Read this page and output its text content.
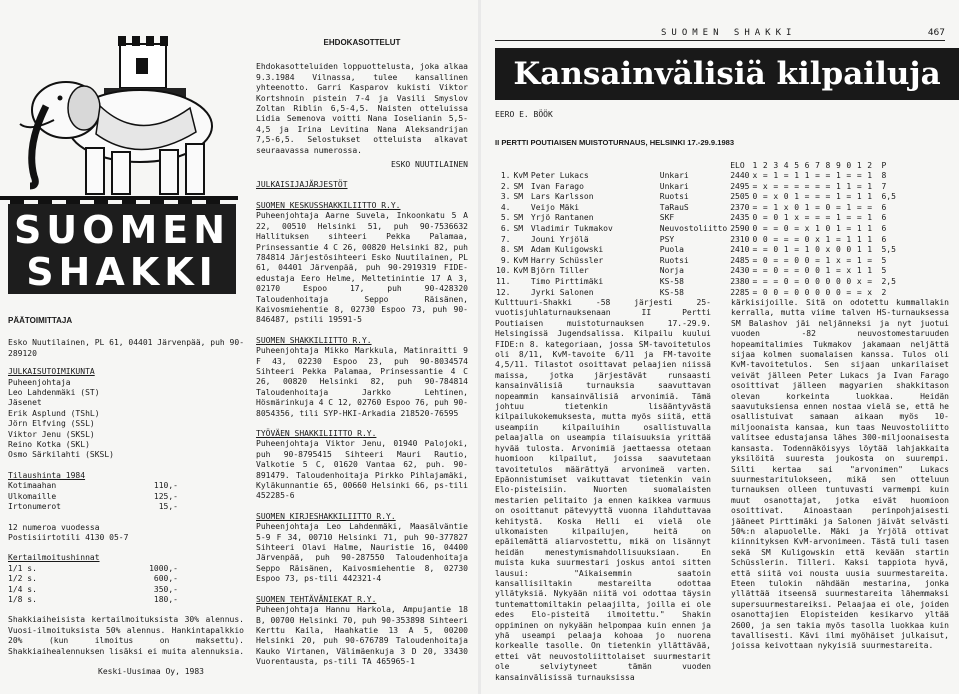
SUOMEN
SHAKKI
PÄÄTOIMITTAJA
Esko Nuutilainen, PL 61, 04401 Järvenpää, puh 90-289120
JULKAISUTOIMIKUNTA
Puheenjohtaja
Leo Lahdenmäki (ST)
Jäsenet
Erik Asplund (TShL)
Jörn Elfving (SSL)
Viktor Jenu (SKSL)
Reino Kotka (SKL)
Osmo Särkilahti (SKSL)
Tilaushinta 1984
Kotimaahan	110,-
Ulkomaille	125,-
Irtonumerot	15,-
12 numeroa vuodessa
Postisiirtotili 4130 05-7
Kertailmoitushinnat
1/1 s.	1000,-
1/2 s.	600,-
1/4 s.	350,-
1/8 s.	180,-
Shakkiaiheisista kertailmoituksista 30% alennus. Vuosi-ilmoituksista 50% alennus. Hankintapalkkio 20% (kun ilmoitus on maksettu). Shakkiaihealennuksen lisäksi ei muita alennuksia.
Keski-Uusimaa Oy, 1983
EHDOKASOTTELUT
Ehdokasotteluiden loppuottelusta, joka alkaa 9.3.1984 Vilnassa, tulee kansallinen yhteenotto. Garri Kasparov kukisti Viktor Kortshnoin pistein 7-4 ja Vasili Smyslov Zoltan Riblin 6,5-4,5. Naisten otteluissa Lidia Semenova voitti Nana Ioselianin 5,5-4,5 ja Irina Levitina Nana Aleksandrijan 7,5-6,5. Selostukset otteluista alkavat seuraavassa numerossa.
ESKO NUUTILAINEN
JULKAISIJAJÄRJESTÖT
SUOMEN KESKUSSHAKKILIITTO R.Y.
Puheenjohtaja Aarne Suvela, Inkoonkatu 5 A 22, 00510 Helsinki 51, puh 90-7536632 Hallituksen sihteeri Pekka Palamaa, Prinsessantie 4 C 26, 00820 Helsinki 82, puh 784814 Järjestösihteeri Esko Nuutilainen, PL 61, 04401 Järvenpää, puh 90-2919319 FIDE-edustaja Eero Helme, Meltetinintie 17 A 3, 02170 Espoo 17, puh 90-428320 Taloudenhoitaja Seppo Räisänen, Kaivosmiehentie 8, 02730 Espoo 73, puh 90-846487, pstili 19591-5
SUOMEN SHAKKILIITTO R.Y.
Puheenjohtaja Mikko Markkula, Matinraitti 9 F 43, 02230 Espoo 23, puh 90-8034574 Sihteeri Pekka Palamaa, Prinsessantie 4 C 26, 00820 Helsinki 82, puh 90-784814 Taloudenhoitaja Jarkko Lehtinen, Hösmärinkuja 4 C 12, 02760 Espoo 76, puh 90-8054356, tili SYP-HKI-Arkadia 218520-76595
TYÖVÄEN SHAKKILIITTO R.Y.
Puheenjohtaja Viktor Jenu, 01940 Palojoki, puh 90-8795415 Sihteeri Mauri Rautio, Valkotie 5 C, 01620 Vantaa 62, puh. 90-891479. Taloudenhoitaja Pirkko Pihlajamäki, Kyläkunnantie 65, 00660 Helsinki 66, ps-tili 452285-6
SUOMEN KIRJESHAKKILIITTO R.Y.
Puheenjohtaja Leo Lahdenmäki, Maasälväntie 5-9 F 34, 00710 Helsinki 71, puh 90-377827 Sihteeri Olavi Halme, Nauristie 16, 04400 Järvenpää, puh 90-287550 Taloudenhoitaja Seppo Räisänen, Kaivosmiehentie 8, 02730 Espoo 73, ps-tili 442321-4
SUOMEN TEHTÄVÄNIEKAT R.Y.
Puheenjohtaja Hannu Harkola, Ampujantie 18 B, 00700 Helsinki 70, puh 90-353898 Sihteeri Kerttu Kaila, Haahkatie 13 A 5, 00200 Helsinki 20, puh 90-676789 Taloudenhoitaja Kauko Virtanen, Välimäenkuja 3 D 20, 33430 Vuorentausta, ps-tili TA 465965-1
SUOMEN SHAKKI	467
Kansainvälisiä kilpailuja
EERO E. BÖÖK
II PERTTI POUTIAISEN MUISTOTURNAUS, HELSINKI 17.-29.9.1983
				ELO	1 2 3 4 5 6 7 8 9 0 1 2	P
1.	KvM	Peter Lukacs	Unkari	2440	x = 1 = 1 1 = = 1 = = 1	8
2.	SM	Ivan Farago	Unkari	2495	= x = = = = = = 1 1 = 1	7
3.	SM	Lars Karlsson	Ruotsi	2505	0 = x 0 1 = = = 1 = 1 1	6,5
4.		Veijo Mäki	TaRauS	2370	= = 1 x 0 1 = 0 = 1 = =	6
5.	SM	Yrjö Rantanen	SKF	2435	0 = 0 1 x = = = 1 = = 1	6
6.	SM	Vladimir Tukmakov	Neuvostoliitto	2590	0 = = 0 = x 1 0 1 = 1 1	6
7.		Jouni Yrjölä	PSY	2310	0 0 = = = 0 x 1 = 1 1 1	6
8.	SM	Adam Kuligowski	Puola	2410	= = 0 1 = 1 0 x 0 0 1 1	5,5
9.	KvM	Harry Schüssler	Ruotsi	2485	= 0 = = 0 0 = 1 x = 1 =	5
10.	KvM	Björn Tiller	Norja	2430	= = 0 = = 0 0 1 = x 1 1	5
11.		Timo Pirttimäki	KS-58	2380	= = = 0 = 0 0 0 0 0 x =	2,5
12.		Jyrki Salonen	KS-58	2285	= 0 0 = 0 0 0 0 0 = = x	2
Kulttuuri-Shakki -58 järjesti 25-vuotisjuhlaturnauksenaan II Pertti Poutiaisen muistoturnauksen 17.-29.9. Helsingissä Jugendsalissa. Kilpailu kuului FIDE:n 8. kategoriaan, jossa SM-tavoitetulos oli 8/11, KvM-tavoite 6/11 ja FM-tavoite 4,5/11. Tilastot osoittavat pelaajien niissä maissa, jotka järjestävät runsaasti kansainvälisiä turnauksia saavuttavan nopeammin kansainvälisiä arvonimiä. Tämä johtuu tietenkin lisääntyvästä kilpailukokemuksesta, mutta myös siitä, että useampiin kilpailuihin osallistuvalla pelaajalla on useampia tilaisuuksia yrittää hyvää tulosta. Arvonimiä jaettaessa otetaan huomioon kilpailut, joissa saavutetaan tavoitetulos määrättyä arvonimeä varten. Epäonnistumiset vaikuttavat tietenkin vain Elo-pisteisiin. Nuorten suomalaisten mestarien pelitaito ja ennen kaikkea varmuus on osoittanut pätevyyttä vuonna ilahduttavaa kehitystä. Koska Helli ei vielä ole ulkomaisten kilpailujen, heitä on epäilemättä aliarvostettu, mikä on lisännyt heidän menestymismahdollisuuksiaan. En muista kuka suurmestari joskus antoi sitten lausui: "Aikaisemmin saatoin kansallisiltakin mestareilta odottaa yllätyksiä. Nykyään niitä voi odottaa täysin tuntemattomiltakin pelaajilta, joilla ei ole edes Elo-pisteitä ilmoitettu." Shakin oppiminen on nykyään helpompaa kuin ennen ja yhä useampi pelaaja kohoaa jo nuorena korkealle tasolle. On tietenkin yllättävää, ettei vät neuvostoliittolaiset suurmestarit ole selviytyneet tämän vuoden kansainvälisissä turnauksissa
kärkisijoille. Sitä on odotettu kummallakin kerralla, mutta viime talven HS-turnauksessa SM Balashov jäi neljänneksi ja nyt juotui vuoden -82 neuvostomestaruuden hopeamitalimies Tukmakov jakamaan neljättä sijaa kolmen suomalaisen kanssa. Tulos oli KvM-tavoitetulos. Sen sijaan unkarilaiset veivät jälleen Peter Lukacs ja Ivan Farago osoittivat jälleen magyarien shakkitason olevan korkeinta luokkaa. Heidän saavutuksiensa ennen nostaa vielä se, että he osallistuivat samaan aikaan myös 10-miljoonaista kansaa, kun taas Neuvostoliitto valitsee edustajansa lähes 300-miljoonaisesta kansasta. Todennäköisyys löytää lahjakkaita yksilöitä suuresta joukosta on suurempi. Silti kertaa sai "arvonimen" Lukacs suurmestaritulokseen, mikä sen otteluun turnauksen olleen tuntuvasti varmempi kuin muut osanottajat, jotka eivät huomioon osoittivat. Ainoastaan perinpohjaisesti jääneet Pirttimäki ja Salonen jäivät selvästi 50%:n alapuolelle. Mäki ja Yrjölä ottivat kiinnityksen KvM-arvonimeen. Tästä tuli tasen sekä SM Kuligowskin että kevään startin Schüsslerin. Tilleri. Kaksi tappiota hyvä, että siitä voi nousta uusia suurmestareita. Eteen tulokin nähdään mestarina, jonka yllättää itseensä suurmestareita lähemmaksi supersuurmestareiksi. Pelaajaa ei ole, joiden osanottajien Elopisteiden kesikarvo yltää 2600, ja sen takia myös tasolla luokkaa kuin tavallisesti. Kävi ilmi myöhäiset julkaisut, joissa keivottaan nykyisiä suurmestareita.
